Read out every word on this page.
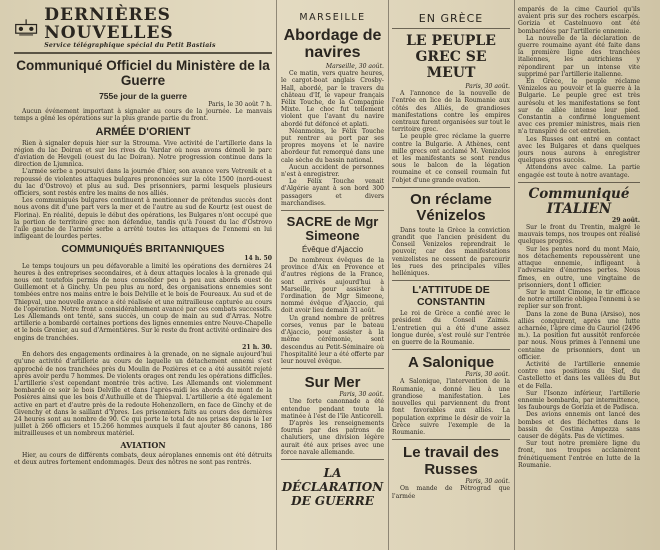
DERNIÈRES NOUVELLES
Service télégraphique spécial du Petit Bastiais
Communiqué Officiel du Ministère de la Guerre
755e jour de la guerre
Paris, le 30 août 7 h.

Aucun événement important à signaler au cours de la journée. Le manvais temps a gêné les opérations sur la plus grande partie du front.

ARMÉE D'ORIENT

Rien à signaler depuis hier sur la Strouma. Vive activité de l'artillerie dans la région du lac Doiran et sur les rives du Vardar où nous avons démoli le parc d'aviation de Hevgeli (ouest du lac Doiran). Notre progression continue dans la direction de Ljumnica.

L'armée serbe a poursuivi dans la journée d'hier, son avance vers Vetrenik et a repoussé de violentes attaques bulgares prononcées sur la côte 1500 (nord-ouest du lac d'Ostrovo) et plus au sud. Des prisonniers, parmi lesquels plusieurs officiers, sont restés entre les mains de nos alliés.

Les communiqués bulgares continuent à mentionner de prétendus succès dont nous avons dit d'une part vers la mer et de l'autre au sud de Kourtz (est ouest de Florina). En réalité, depuis le début des opérations, les Bulgares n'ont occupé que la portion de territoire grec non défendue, tandis qu'à l'ouest du lac d'Ostrovo l'aile gauche de l'armée serbe a arrêté toutes les attaques de l'ennemi en lui infligeant de lourdes pertes.

COMMUNIQUÉS BRITANNIQUES
14 h. 50

Le temps toujours un peu défavorable a limité les opérations des dernières 24 heures à des entreprises secondaires, et à deux attaques locales à la grenade qui nous ont toutefois permis de nous consolider peu à peu aux abords ouest de Guillemont et à Ginchy. Un peu plus au nord, des organisations ennemies sont tombées entre nos mains entre le bois Delville et le bois de Foureaux. Au sud et de Thiepval, une nouvelle avance a été réalisée et une mitrailleuse capturée au cours de l'opération. Notre front a considérablement avancé par ces combats successifs. Les Allemands ont tenté, sans succès, un coup de main au sud d'Arras. Notre artillerie a bombardé certaines portions des lignes ennemies entre Neuve-Chapelle et le bois Grenier, au sud d'Armentières. Sur le reste du front activité ordinaire des engins de tranchées.

21 h. 30.

En dehors des engagements ordinaires à la grenade, on ne signale aujourd'hui qu'une activité d'artillerie au cours de laquelle un détachement ennemi s'est approché de nos tranchées près du Moulin de Pozières et ce a été aussitôt rejeté après avoir perdu 7 hommes. De violents orages ont rendu les opérations difficiles. L'artillerie s'est cependant montrée très active. Les Allemands ont violemment bombardé ce soir le bois Delville et dans l'après-midi les abords du mont de la Posières ainsi que les bois d'Authuille et de Thiepval. L'artillerie a été également active en part et d'autre près de la redoute Hohenzollern, en face de Ginchy et de Givenchy et dans le saillant d'Ypres. Les prisonniers faits au cours des dernières 24 heures sont au nombre de 90. Ce qui porte le total de nos prises depuis le 1er juillet à 266 officiers et 15.266 hommes auxquels il faut ajouter 86 canons, 186 mitrailleuses et un nombreux matériel.

AVIATION

Hier, au cours de différents combats, deux aéroplanes ennemis ont été détruits et deux autres fortement endommagés. Deux des nôtres ne sont pas rentrés.

MARSEILLE
Abordage de navires
Marseille, 30 août.

Ce matin, vers quatre heures, le cargot-boat anglais Crosby-Hall, abordé, par le travers du château d'If, le vapeur français Félix Touche, de la Compagnie Mixte. Le choc fut tellement violent que l'avant du navire abordé fut défoncé et aplati.

Néanmoins, le Félix Touche put rentrer au port par ses propres moyens et le navire abordeur fut remorqué dans une cale sèche du bassin national.

Aucun accident de personnes n'est à enregistrer.

Le Félix Touche venait d'Algérie ayant à son bord 300 passagers et divers marchandises.

SACRE de Mgr Simeone
Évêque d'Ajaccio

De nombreux évêques de la province d'Aix en Provence et d'autres régions de la France, sont arrivés aujourd'hui à Marseille, pour assister à l'ordination de Mgr Simeone, nommé évêque d'Ajaccio, qui doit avoir lieu demain 31 août.

Un grand nombre de prêtres corses, venus par le bateau d'Ajaccio, pour assister à la même cérémonie, sont descendus au Petit-Séminaire où l'hospitalité leur a été offerte par leur nouvel évêque.

Sur Mer
Paris, 30 août.

Une forte canonnade a été entendue pendant toute la matinée à l'est de l'île Anticorell.

D'après les renseignements fournis par des patrons de chalutiers, une division légère aurait été aux prises avec une force navale allemande.

LA DÉCLARATION DE GUERRE
EN GRÈCE
LE PEUPLE GREC SE MEUT
Paris, 30 août.

A l'annonce de la nouvelle de l'entrée en lice de la Roumanie aux côtés des Alliés, de grandioses manifestations contre les empires centraux furent organisées sur tout le territoire grec.

Le peuple grec réclame la guerre contre la Bulgarie. A Athènes, cent mille grecs ont acclamé M. Venizelos et les manifestants se sont rendus sous le balcon de la légation roumaine et ce conseil roumain fut l'objet d'une grande ovation.

On réclame Vénizelos

Dans toute la Grèce la conviction grandit que l'ancien président du Conseil Venizelos reprendrait le pouvoir, car des manifestations venizelistes ne cessent de parcourir les rues des principales villes helléniques.

L'ATTITUDE DE CONSTANTIN

Le roi de Grèce a confié avec le président du Conseil Zaimis. L'entretien qui a été d'une assez longue durée, s'est roulé sur l'entrée en guerre de la Roumanie.

A Salonique
Paris, 30 août.

A Salonique, l'intervention de la Roumanie, a donné lieu à une grandiose manifestation. Les nouvelles qui parviennent du front font favorables aux alliés. La population exprime le désir de voir la Grèce suivre l'exemple de la Roumanie.

Le travail des Russes
Paris, 30 août.

On mande de Pétrograd que l'armée

emparés de la cime Cauriol qu'ils avaient pris sur des rochers escarpés. Gorizia et Castelnuovo ont été bombardées par l'artillerie ennemie.

La nouvelle de la déclaration de guerre roumaine ayant été faite dans la première ligne des tranchées italiennes, les autrichiens y répondirent par un intense vite supprimé par l'artillerie italienne.

En Grèce, le peuple réclame Vénizelos au pouvoir et la guerre à la Bulgarie. Le peuple grec est très aurésolu et les manifestations se font sur de allée intense leur pied. Constantin a confirmé longuement avec ces premier ministres, mais rien n'a transpiré de cet entretien.

Les Russes ont entré en contact avec les Bulgares et dans quelques jours nous aurons à enregistrer quelques gros succès.

Attendons avec calme. La partie engagée est toute à notre avantage.

Communiqué ITALIEN
29 août.

Sur le front du Trentin, malgré le mauvais temps, nos troupes ont réalisé quelques progrès.

Sur les pentes nord du mont Maio, nos détachements repoussèrent une attaque ennemie, infligeant à l'adversaire d'énormes pertes. Nous fîmes, en outre, une vingtaine de prisonniers, dont 1 officier.

Sur le mont Cimone, le tir efficace de notre artillerie obligea l'ennemi à se replier sur son front.

Dans la zone de Buna (Arsiso), nos alliés conquirent, après une lutte acharnée, l'âpre cime du Cauriol (2496 m.). La position fut aussitôt renforcée par nous. Nous primes à l'ennemi une centaine de prisonniers, dont un officier.

Activité de l'artillerie ennemie contre nos positions du Sief, du Castelletto et dans les vallées du But et de Fella.

Sur l'Isonzo inférieur, l'artillerie ennemie bombarda, par intermittence, les faubourgs de Gorizia et de Padisca.

Des avions ennemis ont lancé des bombes et des fléchettes dans le bassin de Costina Ampezza sans causer de dégâts. Pas de victimes.

Sur tout notre première ligne du front, nos troupes acclamèrent frénétiquement l'entrée en lutte de la Roumanie.
